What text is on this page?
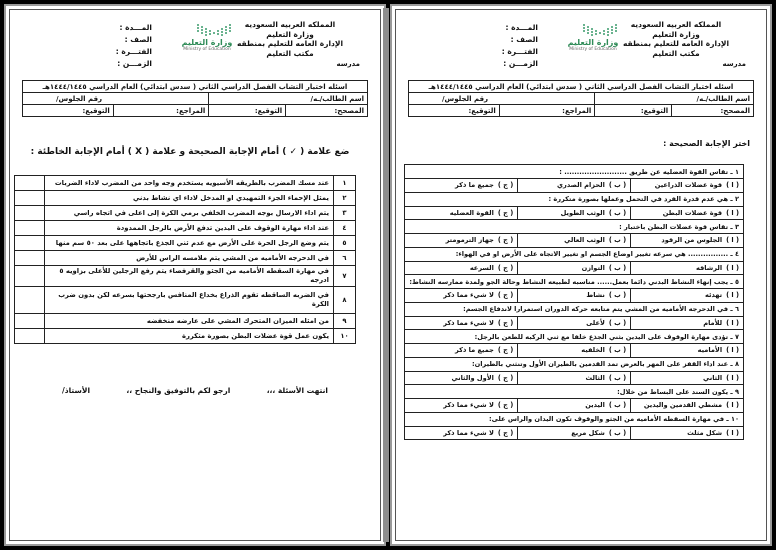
المملكه العربيه السعوديه
وزارة التعليم
الإدارة العامه للتعليم بمنطقه
مكتب التعليم
مدرسه
وزارة التعليم
Ministry of Education
المـــدة :
الصف :
الفتـــرة :
الزمـــن :
اسئله اختبار التشاب الفصل الدراسي الثاني ( سدس ابتدائي) العام الدراسي ١٤٤٤/١٤٤٥هـ			
اسم الطالب/ـه/		رقم الجلوس/	
المصحح:	التوقيع:	المراجع:	التوقيع:
ضع علامة ( ✓ ) أمام الإجابة الصحيحة و علامة ( X ) أمام الإجابة الخاطئة :
١	عند مسك المضرب بالطريقه الأسيويه يستخدم وجه واحد من المضرب لاداء الضربات	
٢	يمثل الإحماء الجزء التمهيدي او المدخل لاداء اي نشاط بدني	
٣	يتم اداء الارسال بوجه المضرب الخلفي برمي الكرة إلى اعلى في اتجاه راسي	
٤	عند اداء مهارة الوقوف على اليدين تدفع الأرض بالرجل الممدودة	
٥	يتم وضع الرجل الحرة على الأرض مع عدم ثني الجذع باتجاهها على بعد ٥٠ سم منها	
٦	في الدحرجه الأماميه من المشي يتم ملامسه الراس للأرض	
٧	في مهارة السقطه الأماميه من الجثو والقرفصاء يتم رفع الرجلين للأعلى بزاويه ٥ ادرجه	
٨	في الضربه الساقطه تقوم الذراع بخداع المنافس بارجحتها بسرعه لكن بدون ضرب الكرة	
٩	من امثله الميزان المتحرك المشي على عارضه منخفضه	
١٠	يكون عمل قوة عضلات البطن بصورة متكررة	
انتهت الأسئلة ،،،
ارجو لكم بالتوفيق والنجاح ،،
الأستاذ/
المملكه العربيه السعوديه
وزارة التعليم
الإدارة العامه للتعليم بمنطقه
مكتب التعليم
مدرسه
وزارة التعليم
Ministry of Education
المـــدة :
الصف :
الفتـــرة :
الزمـــن :
اسئله اختبار التشاب الفصل الدراسي الثاني ( سدس ابتدائي) العام الدراسي ١٤٤٤/١٤٤٥هـ			
اسم الطالب/ـه/		رقم الجلوس/	
المصحح:	التوقيع:	المراجع:	التوقيع:
اختر الإجابة الصحيحة :
١ ـ تقاس القوة العضليه عن طريق ......................... :		
( ا )قوة عضلات الذراعين	( ب )الحزام الصدري	( ج )جميع ما ذكر
٢ ـ هي عدم قدرة الفرد في التحمل وعملها بصورة متكررة :		
( ا )قوة عضلات البطن	( ب )الوثب الطويل	( ج )القوة العضليه
٣ ـ تقاس قوة عضلات البطن باختبار :		
( ا )الجلوس من الرقود	( ب )الوثب العالي	( ج )جهاز الترمومتر
٤ ـ ................ هي سرعه تغيير اوضاع الجسم او تغيير الاتجاه على الأرض او في الهواء:		
( ا )الرشاقه	( ب )التوازن	( ج )السرعه
٥ ـ يجب إنهاء النشاط البدني دائما بعمل...... مناسبه لطبيعه النشاط وحالة الجو ولمدة ممارسه النشاط:		
( ا )تهدئه	( ب )نشاط	( ج )لا شيء مما ذكر
٦ ـ في الدحرجه الأماميه من المشي يتم متابعه حركه الدوران استمرارا لاندفاع الجسم:		
( ا )للأمام	( ب )لأعلى	( ج )لا شيء مما ذكر
٧ ـ تؤدى مهارة الوقوف على اليدين بثني الجذع خلفا مع ثني الركبه للطعن بالرجل:		
( ا )الأماميه	( ب )الخلفيه	( ج )جميع ما ذكر
٨ ـ عند اداء القفز على المهر بالعرض تمد القدمين بالطيران الأول وتنثني بالطيران:		
( ا )الثاني	( ب )الثالث	( ج )الأول والثاني
٩ ـ يكون السند على البساط من خلال:		
( ا )مشطي القدمين واليدين	( ب )اليدين	( ج )لا شيء مما ذكر
١٠ ـ في مهارة السقطه الأماميه من الجثو والوقوف تكون اليدان والراس على:		
( ا )شكل مثلث	( ب )شكل مربع	( ج )لا شيء مما ذكر
